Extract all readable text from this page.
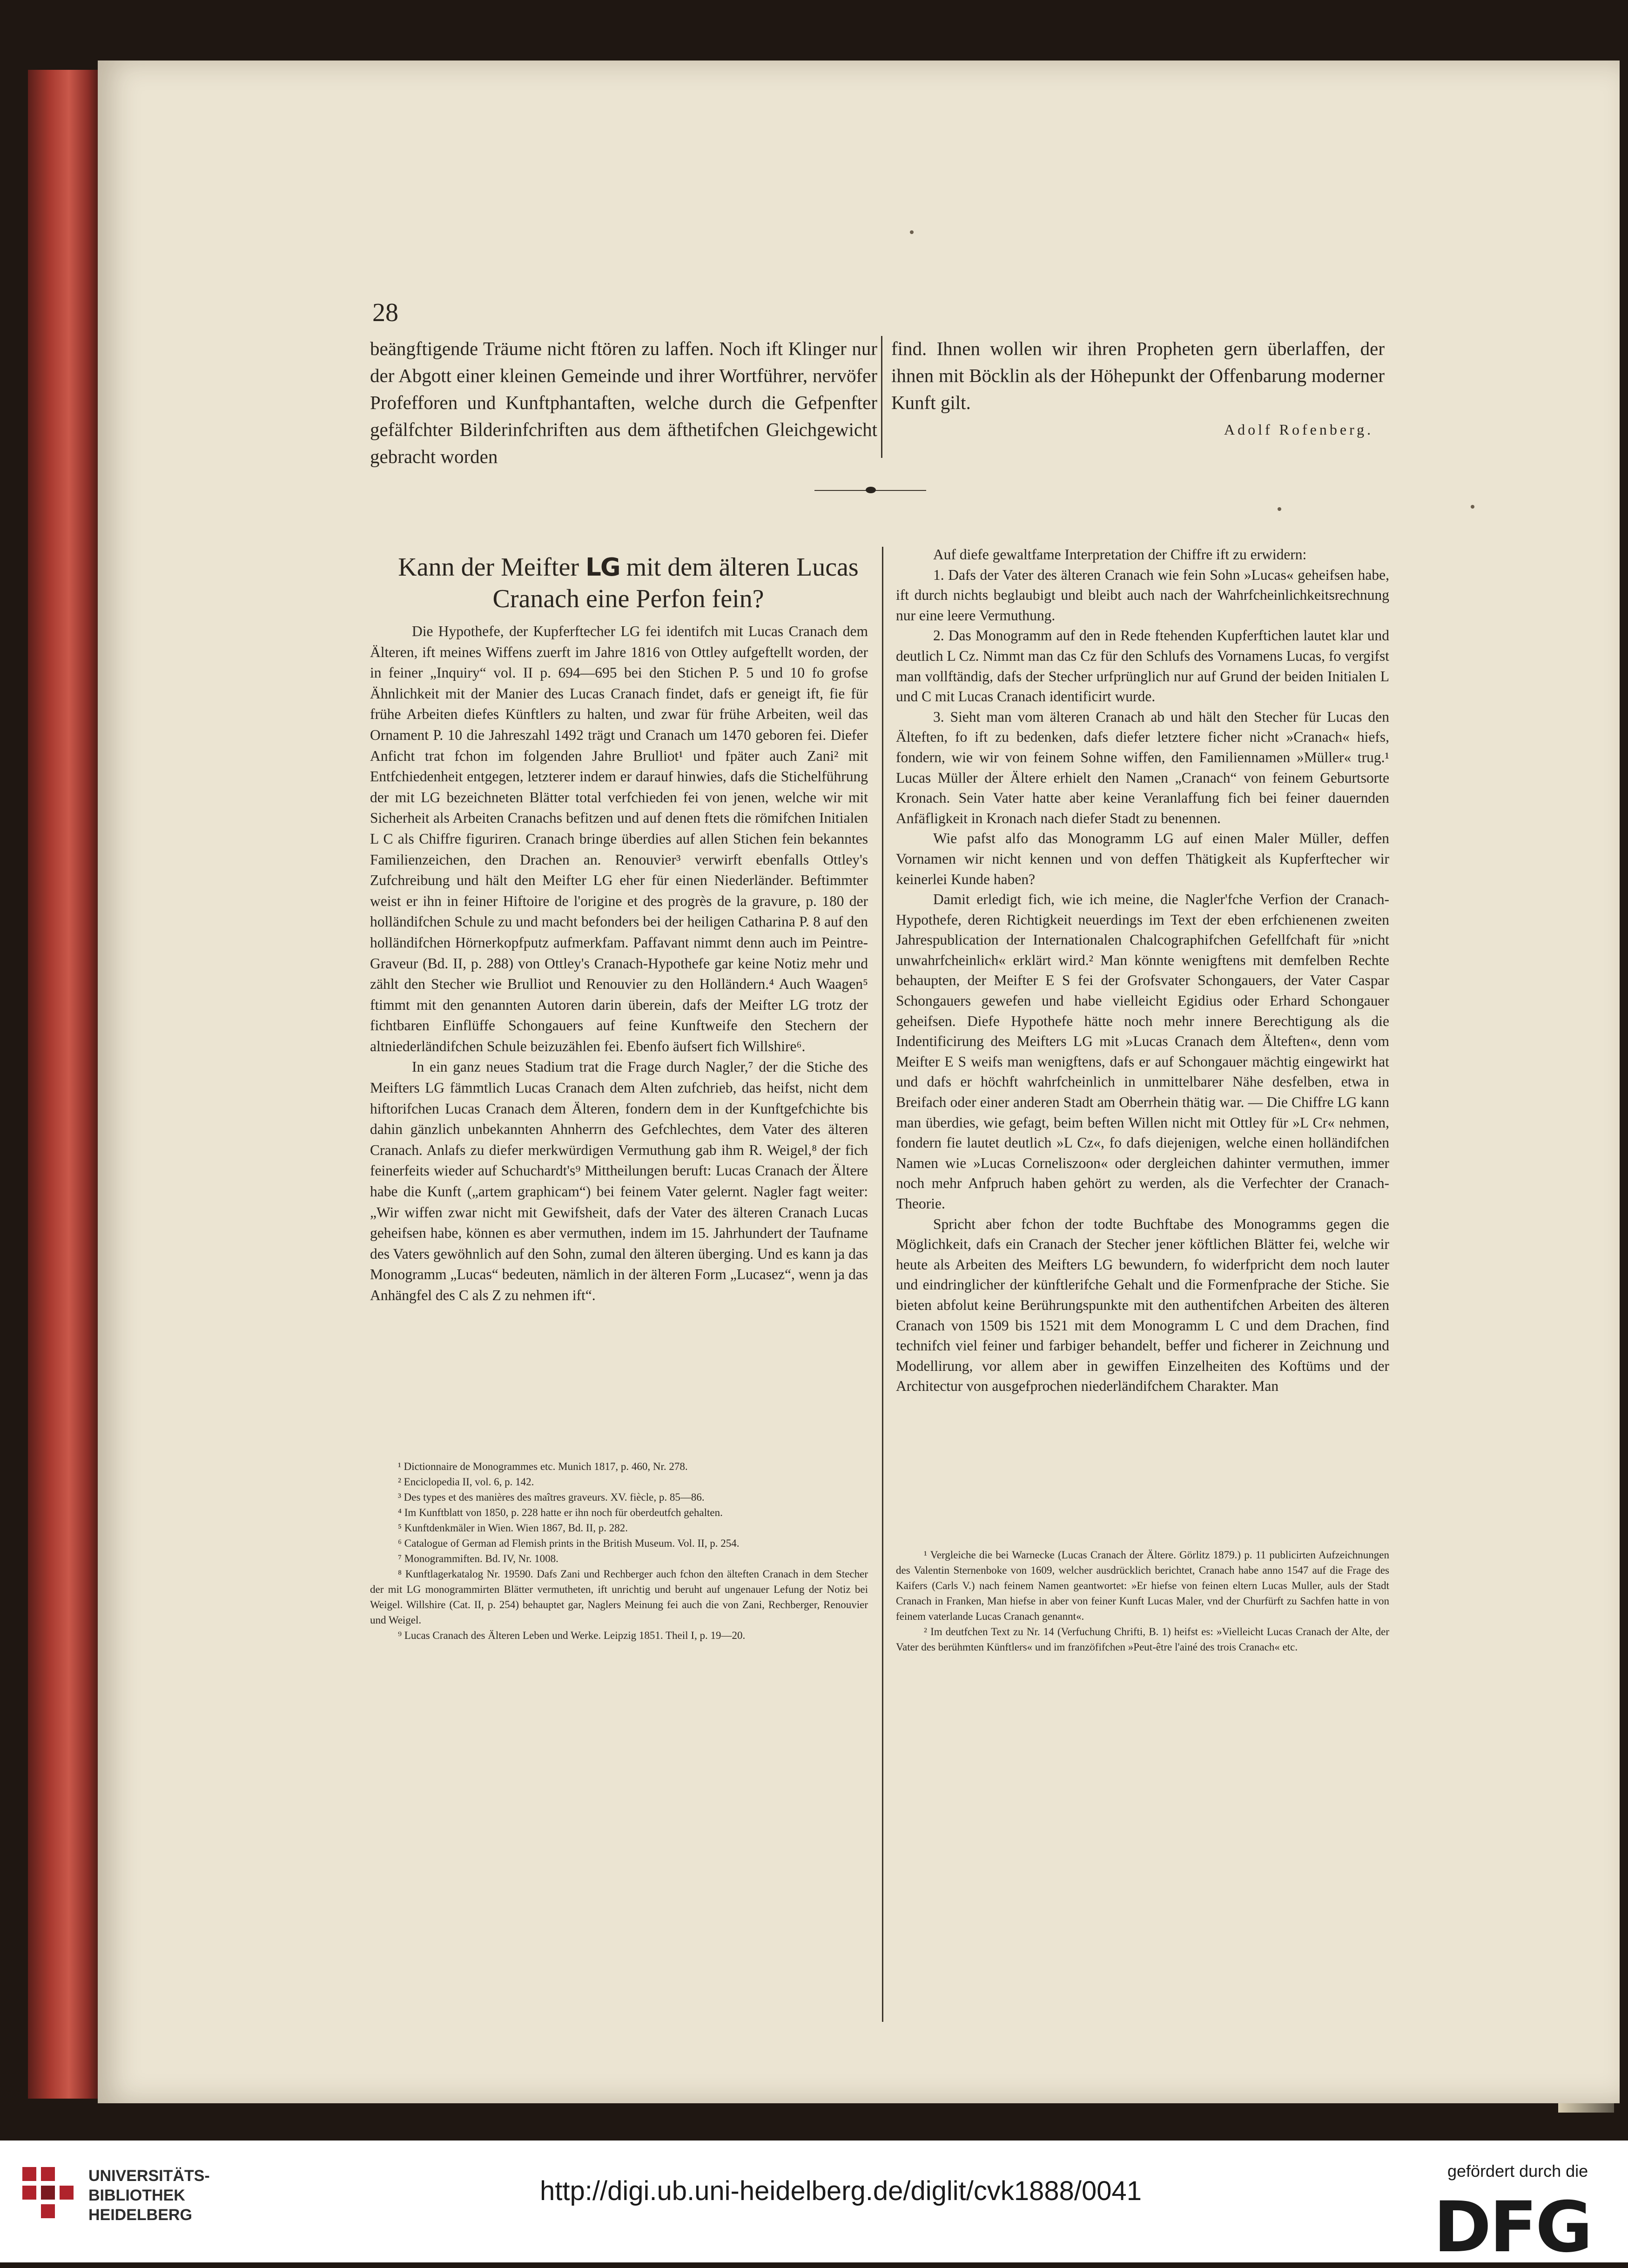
28
beängftigende Träume nicht ftören zu laffen. Noch ift Klinger nur der Abgott einer kleinen Gemeinde und ihrer Wortführer, nervöfer Profefforen und Kunftphantaften, welche durch die Gefpenfter gefälfchter Bilderinfchriften aus dem äfthetifchen Gleichgewicht gebracht worden
find. Ihnen wollen wir ihren Propheten gern überlaffen, der ihnen mit Böcklin als der Höhepunkt der Offenbarung moderner Kunft gilt.
Adolf Rofenberg.
Kann der Meifter LG mit dem älteren Lucas Cranach eine Perfon fein?

Die Hypothefe, der Kupferftecher LG fei identifch mit Lucas Cranach dem Älteren, ift meines Wiffens zuerft im Jahre 1816 von Ottley aufgeftellt worden, der in feiner „Inquiry“ vol. II p. 694—695 bei den Stichen P. 5 und 10 fo grofse Ähnlichkeit mit der Manier des Lucas Cranach findet, dafs er geneigt ift, fie für frühe Arbeiten diefes Künftlers zu halten, und zwar für frühe Arbeiten, weil das Ornament P. 10 die Jahreszahl 1492 trägt und Cranach um 1470 geboren fei. Diefer Anficht trat fchon im folgenden Jahre Brulliot¹ und fpäter auch Zani² mit Entfchiedenheit entgegen, letzterer indem er darauf hinwies, dafs die Stichelführung der mit LG bezeichneten Blätter total verfchieden fei von jenen, welche wir mit Sicherheit als Arbeiten Cranachs befitzen und auf denen ftets die römifchen Initialen L C als Chiffre figuriren. Cranach bringe überdies auf allen Stichen fein bekanntes Familienzeichen, den Drachen an. Renouvier³ verwirft ebenfalls Ottley's Zufchreibung und hält den Meifter LG eher für einen Niederländer. Beftimmter weist er ihn in feiner Hiftoire de l'origine et des progrès de la gravure, p. 180 der holländifchen Schule zu und macht befonders bei der heiligen Catharina P. 8 auf den holländifchen Hörnerkopfputz aufmerkfam. Paffavant nimmt denn auch im Peintre-Graveur (Bd. II, p. 288) von Ottley's Cranach-Hypothefe gar keine Notiz mehr und zählt den Stecher wie Brulliot und Renouvier zu den Holländern.⁴ Auch Waagen⁵ ftimmt mit den genannten Autoren darin überein, dafs der Meifter LG trotz der fichtbaren Einflüffe Schongauers auf feine Kunftweife den Stechern der altniederländifchen Schule beizuzählen fei. Ebenfo äufsert fich Willshire⁶.

In ein ganz neues Stadium trat die Frage durch Nagler,⁷ der die Stiche des Meifters LG fämmtlich Lucas Cranach dem Alten zufchrieb, das heifst, nicht dem hiftorifchen Lucas Cranach dem Älteren, fondern dem in der Kunftgefchichte bis dahin gänzlich unbekannten Ahnherrn des Gefchlechtes, dem Vater des älteren Cranach. Anlafs zu diefer merkwürdigen Vermuthung gab ihm R. Weigel,⁸ der fich feinerfeits wieder auf Schuchardt's⁹ Mittheilungen beruft: Lucas Cranach der Ältere habe die Kunft („artem graphicam“) bei feinem Vater gelernt. Nagler fagt weiter: „Wir wiffen zwar nicht mit Gewifsheit, dafs der Vater des älteren Cranach Lucas geheifsen habe, können es aber vermuthen, indem im 15. Jahrhundert der Taufname des Vaters gewöhnlich auf den Sohn, zumal den älteren überging. Und es kann ja das Monogramm „Lucas“ bedeuten, nämlich in der älteren Form „Lucasez“, wenn ja das Anhängfel des C als Z zu nehmen ift“.

¹ Dictionnaire de Monogrammes etc. Munich 1817, p. 460, Nr. 278.

² Enciclopedia II, vol. 6, p. 142.

³ Des types et des manières des maîtres graveurs. XV. fiècle, p. 85—86.

⁴ Im Kunftblatt von 1850, p. 228 hatte er ihn noch für oberdeutfch gehalten.

⁵ Kunftdenkmäler in Wien. Wien 1867, Bd. II, p. 282.

⁶ Catalogue of German ad Flemish prints in the British Museum. Vol. II, p. 254.

⁷ Monogrammiften. Bd. IV, Nr. 1008.

⁸ Kunftlagerkatalog Nr. 19590. Dafs Zani und Rechberger auch fchon den älteften Cranach in dem Stecher der mit LG monogrammirten Blätter vermutheten, ift unrichtig und beruht auf ungenauer Lefung der Notiz bei Weigel. Willshire (Cat. II, p. 254) behauptet gar, Naglers Meinung fei auch die von Zani, Rechberger, Renouvier und Weigel.

⁹ Lucas Cranach des Älteren Leben und Werke. Leipzig 1851. Theil I, p. 19—20.

Auf diefe gewaltfame Interpretation der Chiffre ift zu erwidern:

1. Dafs der Vater des älteren Cranach wie fein Sohn »Lucas« geheifsen habe, ift durch nichts beglaubigt und bleibt auch nach der Wahrfcheinlichkeitsrechnung nur eine leere Vermuthung.

2. Das Monogramm auf den in Rede ftehenden Kupferftichen lautet klar und deutlich L Cz. Nimmt man das Cz für den Schlufs des Vornamens Lucas, fo vergifst man vollftändig, dafs der Stecher urfprünglich nur auf Grund der beiden Initialen L und C mit Lucas Cranach identificirt wurde.

3. Sieht man vom älteren Cranach ab und hält den Stecher für Lucas den Älteften, fo ift zu bedenken, dafs diefer letztere ficher nicht »Cranach« hiefs, fondern, wie wir von feinem Sohne wiffen, den Familiennamen »Müller« trug.¹ Lucas Müller der Ältere erhielt den Namen „Cranach“ von feinem Geburtsorte Kronach. Sein Vater hatte aber keine Veranlaffung fich bei feiner dauernden Anfäfligkeit in Kronach nach diefer Stadt zu benennen.

Wie pafst alfo das Monogramm LG auf einen Maler Müller, deffen Vornamen wir nicht kennen und von deffen Thätigkeit als Kupferftecher wir keinerlei Kunde haben?

Damit erledigt fich, wie ich meine, die Nagler'fche Verfion der Cranach-Hypothefe, deren Richtigkeit neuerdings im Text der eben erfchienenen zweiten Jahrespublication der Internationalen Chalcographifchen Gefellfchaft für »nicht unwahrfcheinlich« erklärt wird.² Man könnte wenigftens mit demfelben Rechte behaupten, der Meifter E S fei der Grofsvater Schongauers, der Vater Caspar Schongauers gewefen und habe vielleicht Egidius oder Erhard Schongauer geheifsen. Diefe Hypothefe hätte noch mehr innere Berechtigung als die Indentificirung des Meifters LG mit »Lucas Cranach dem Älteften«, denn vom Meifter E S weifs man wenigftens, dafs er auf Schongauer mächtig eingewirkt hat und dafs er höchft wahrfcheinlich in unmittelbarer Nähe desfelben, etwa in Breifach oder einer anderen Stadt am Oberrhein thätig war. — Die Chiffre LG kann man überdies, wie gefagt, beim beften Willen nicht mit Ottley für »L Cr« nehmen, fondern fie lautet deutlich »L Cz«, fo dafs diejenigen, welche einen holländifchen Namen wie »Lucas Corneliszoon« oder dergleichen dahinter vermuthen, immer noch mehr Anfpruch haben gehört zu werden, als die Verfechter der Cranach-Theorie.

Spricht aber fchon der todte Buchftabe des Monogramms gegen die Möglichkeit, dafs ein Cranach der Stecher jener köftlichen Blätter fei, welche wir heute als Arbeiten des Meifters LG bewundern, fo widerfpricht dem noch lauter und eindringlicher der künftlerifche Gehalt und die Formenfprache der Stiche. Sie bieten abfolut keine Berührungspunkte mit den authentifchen Arbeiten des älteren Cranach von 1509 bis 1521 mit dem Monogramm L C und dem Drachen, find technifch viel feiner und farbiger behandelt, beffer und ficherer in Zeichnung und Modellirung, vor allem aber in gewiffen Einzelheiten des Koftüms und der Architectur von ausgefprochen niederländifchem Charakter. Man

¹ Vergleiche die bei Warnecke (Lucas Cranach der Ältere. Görlitz 1879.) p. 11 publicirten Aufzeichnungen des Valentin Sternenboke von 1609, welcher ausdrücklich berichtet, Cranach habe anno 1547 auf die Frage des Kaifers (Carls V.) nach feinem Namen geantwortet: »Er hiefse von feinen eltern Lucas Muller, auls der Stadt Cranach in Franken, Man hiefse in aber von feiner Kunft Lucas Maler, vnd der Churfürft zu Sachfen hatte in von feinem vaterlande Lucas Cranach genannt«.

² Im deutfchen Text zu Nr. 14 (Verfuchung Chrifti, B. 1) heifst es: »Vielleicht Lucas Cranach der Alte, der Vater des berühmten Künftlers« und im franzöfifchen »Peut-être l'ainé des trois Cranach« etc.

UNIVERSITÄTS-
BIBLIOTHEK
HEIDELBERG
http://digi.ub.uni-heidelberg.de/diglit/cvk1888/0041
gefördert durch die
DFG
